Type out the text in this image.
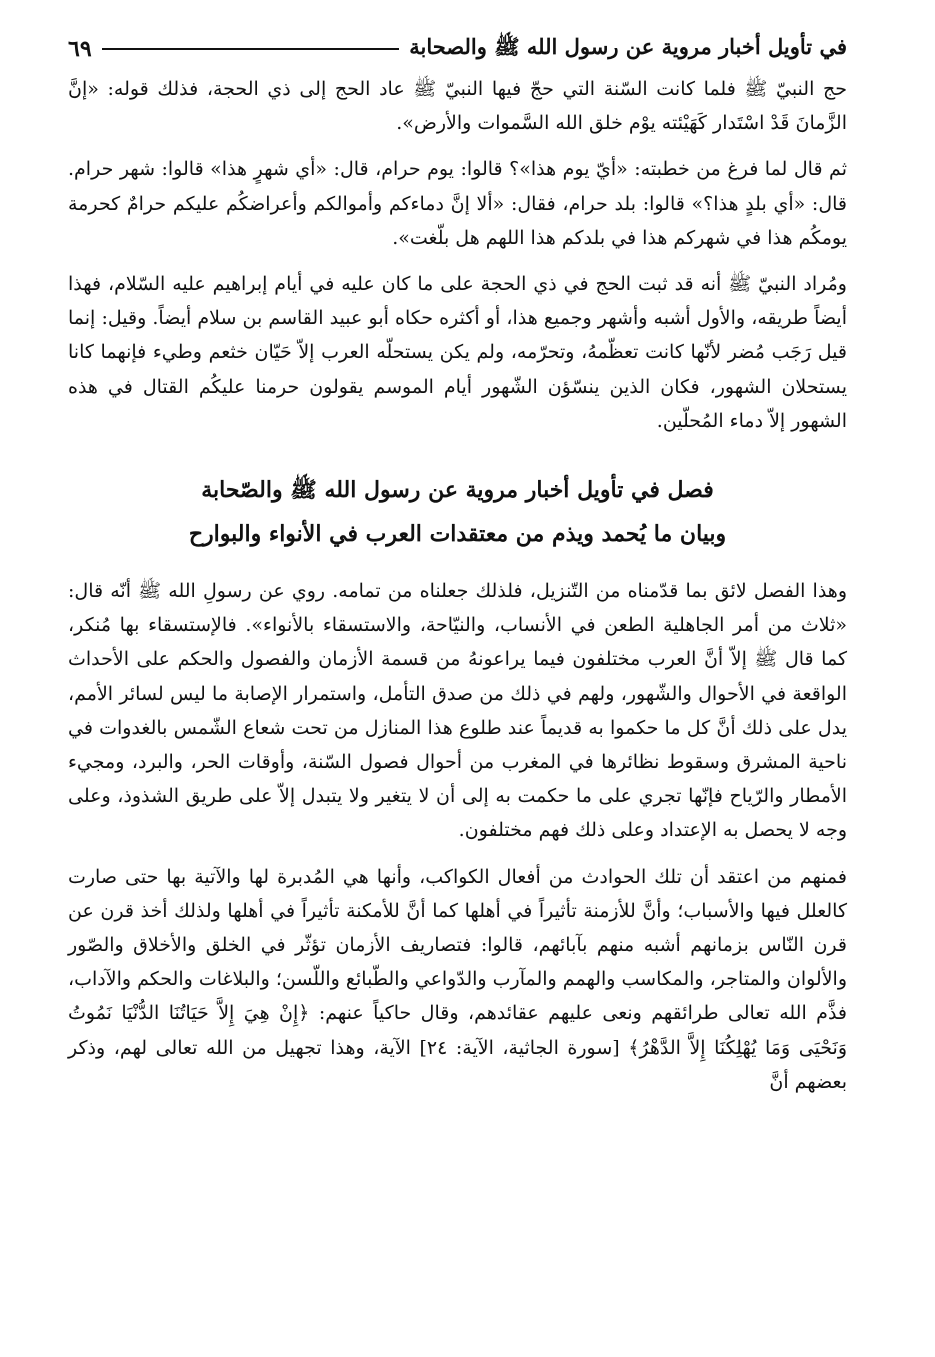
في تأويل أخبار مروية عن رسول الله ﷺ والصحابة
٦٩

حج النبيّ ﷺ فلما كانت السّنة التي حجّ فيها النبيّ ﷺ عاد الحج إلى ذي الحجة، فذلك قوله: «إنَّ الزَّمانَ قَدْ اسْتَدار كَهَيْئته يوْم خلق الله السَّموات والأرض».

ثم قال لما فرغ من خطبته: «أيّ يوم هذا»؟ قالوا: يوم حرام، قال: «أي شهرٍ هذا» قالوا: شهر حرام. قال: «أي بلدٍ هذا؟» قالوا: بلد حرام، فقال: «ألا إنَّ دماءكم وأموالكم وأعراضكُم عليكم حرامٌ كحرمة يومكُم هذا في شهركم هذا في بلدكم هذا اللهم هل بلّغت».

ومُراد النبيّ ﷺ أنه قد ثبت الحج في ذي الحجة على ما كان عليه في أيام إبراهيم عليه السّلام، فهذا أيضاً طريقه، والأول أشبه وأشهر وجميع هذا، أو أكثره حكاه أبو عبيد القاسم بن سلام أيضاً. وقيل: إنما قيل رَجَب مُضر لأنّها كانت تعظّمهُ، وتحرّمه، ولم يكن يستحلّه العرب إلاّ حَيّان خثعم وطيء فإنهما كانا يستحلان الشهور، فكان الذين ينسّؤن الشّهور أيام الموسم يقولون حرمنا عليكُم القتال في هذه الشهور إلاّ دماء المُحلّين.

فصل في تأويل أخبار مروية عن رسول الله ﷺ والصّحابة
وبيان ما يُحمد ويذم من معتقدات العرب في الأنواء والبوارح

وهذا الفصل لائق بما قدّمناه من التّنزيل، فلذلك جعلناه من تمامه. روي عن رسولِ الله ﷺ أنّه قال: «ثلاث من أمر الجاهلية الطعن في الأنساب، والنيّاحة، والاستسقاء بالأنواء». فالإستسقاء بها مُنكر، كما قال ﷺ إلاّ أنَّ العرب مختلفون فيما يراعونهُ من قسمة الأزمان والفصول والحكم على الأحداث الواقعة في الأحوال والشّهور، ولهم في ذلك من صدق التأمل، واستمرار الإصابة ما ليس لسائر الأمم، يدل على ذلك أنَّ كل ما حكموا به قديماً عند طلوع هذا المنازل من تحت شعاع الشّمس بالغدوات في ناحية المشرق وسقوط نظائرها في المغرب من أحوال فصول السّنة، وأوقات الحر، والبرد، ومجيء الأمطار والرّياح فإنّها تجري على ما حكمت به إلى أن لا يتغير ولا يتبدل إلاّ على طريق الشذوذ، وعلى وجه لا يحصل به الإعتداد وعلى ذلك فهم مختلفون.

فمنهم من اعتقد أن تلك الحوادث من أفعال الكواكب، وأنها هي المُدبرة لها والآتية بها حتى صارت كالعلل فيها والأسباب؛ وأنَّ للأزمنة تأثيراً في أهلها كما أنَّ للأمكنة تأثيراً في أهلها ولذلك أخذ قرن عن قرن النّاس بزمانهم أشبه منهم بآبائهم، قالوا: فتصاريف الأزمان تؤثّر في الخلق والأخلاق والصّور والألوان والمتاجر، والمكاسب والهمم والمآرب والدّواعي والطّبائع واللّسن؛ والبلاغات والحكم والآداب، فذَّم الله تعالى طرائقهم ونعى عليهم عقائدهم، وقال حاكياً عنهم: ﴿إِنْ هِيَ إِلاَّ حَيَاتُنَا الدُّنْيَا نَمُوتُ وَنَحْيَى وَمَا يُهْلِكُنَا إِلاَّ الدَّهْرُ﴾ [سورة الجاثية، الآية: ٢٤] الآية، وهذا تجهيل من الله تعالى لهم، وذكر بعضهم أنَّ
